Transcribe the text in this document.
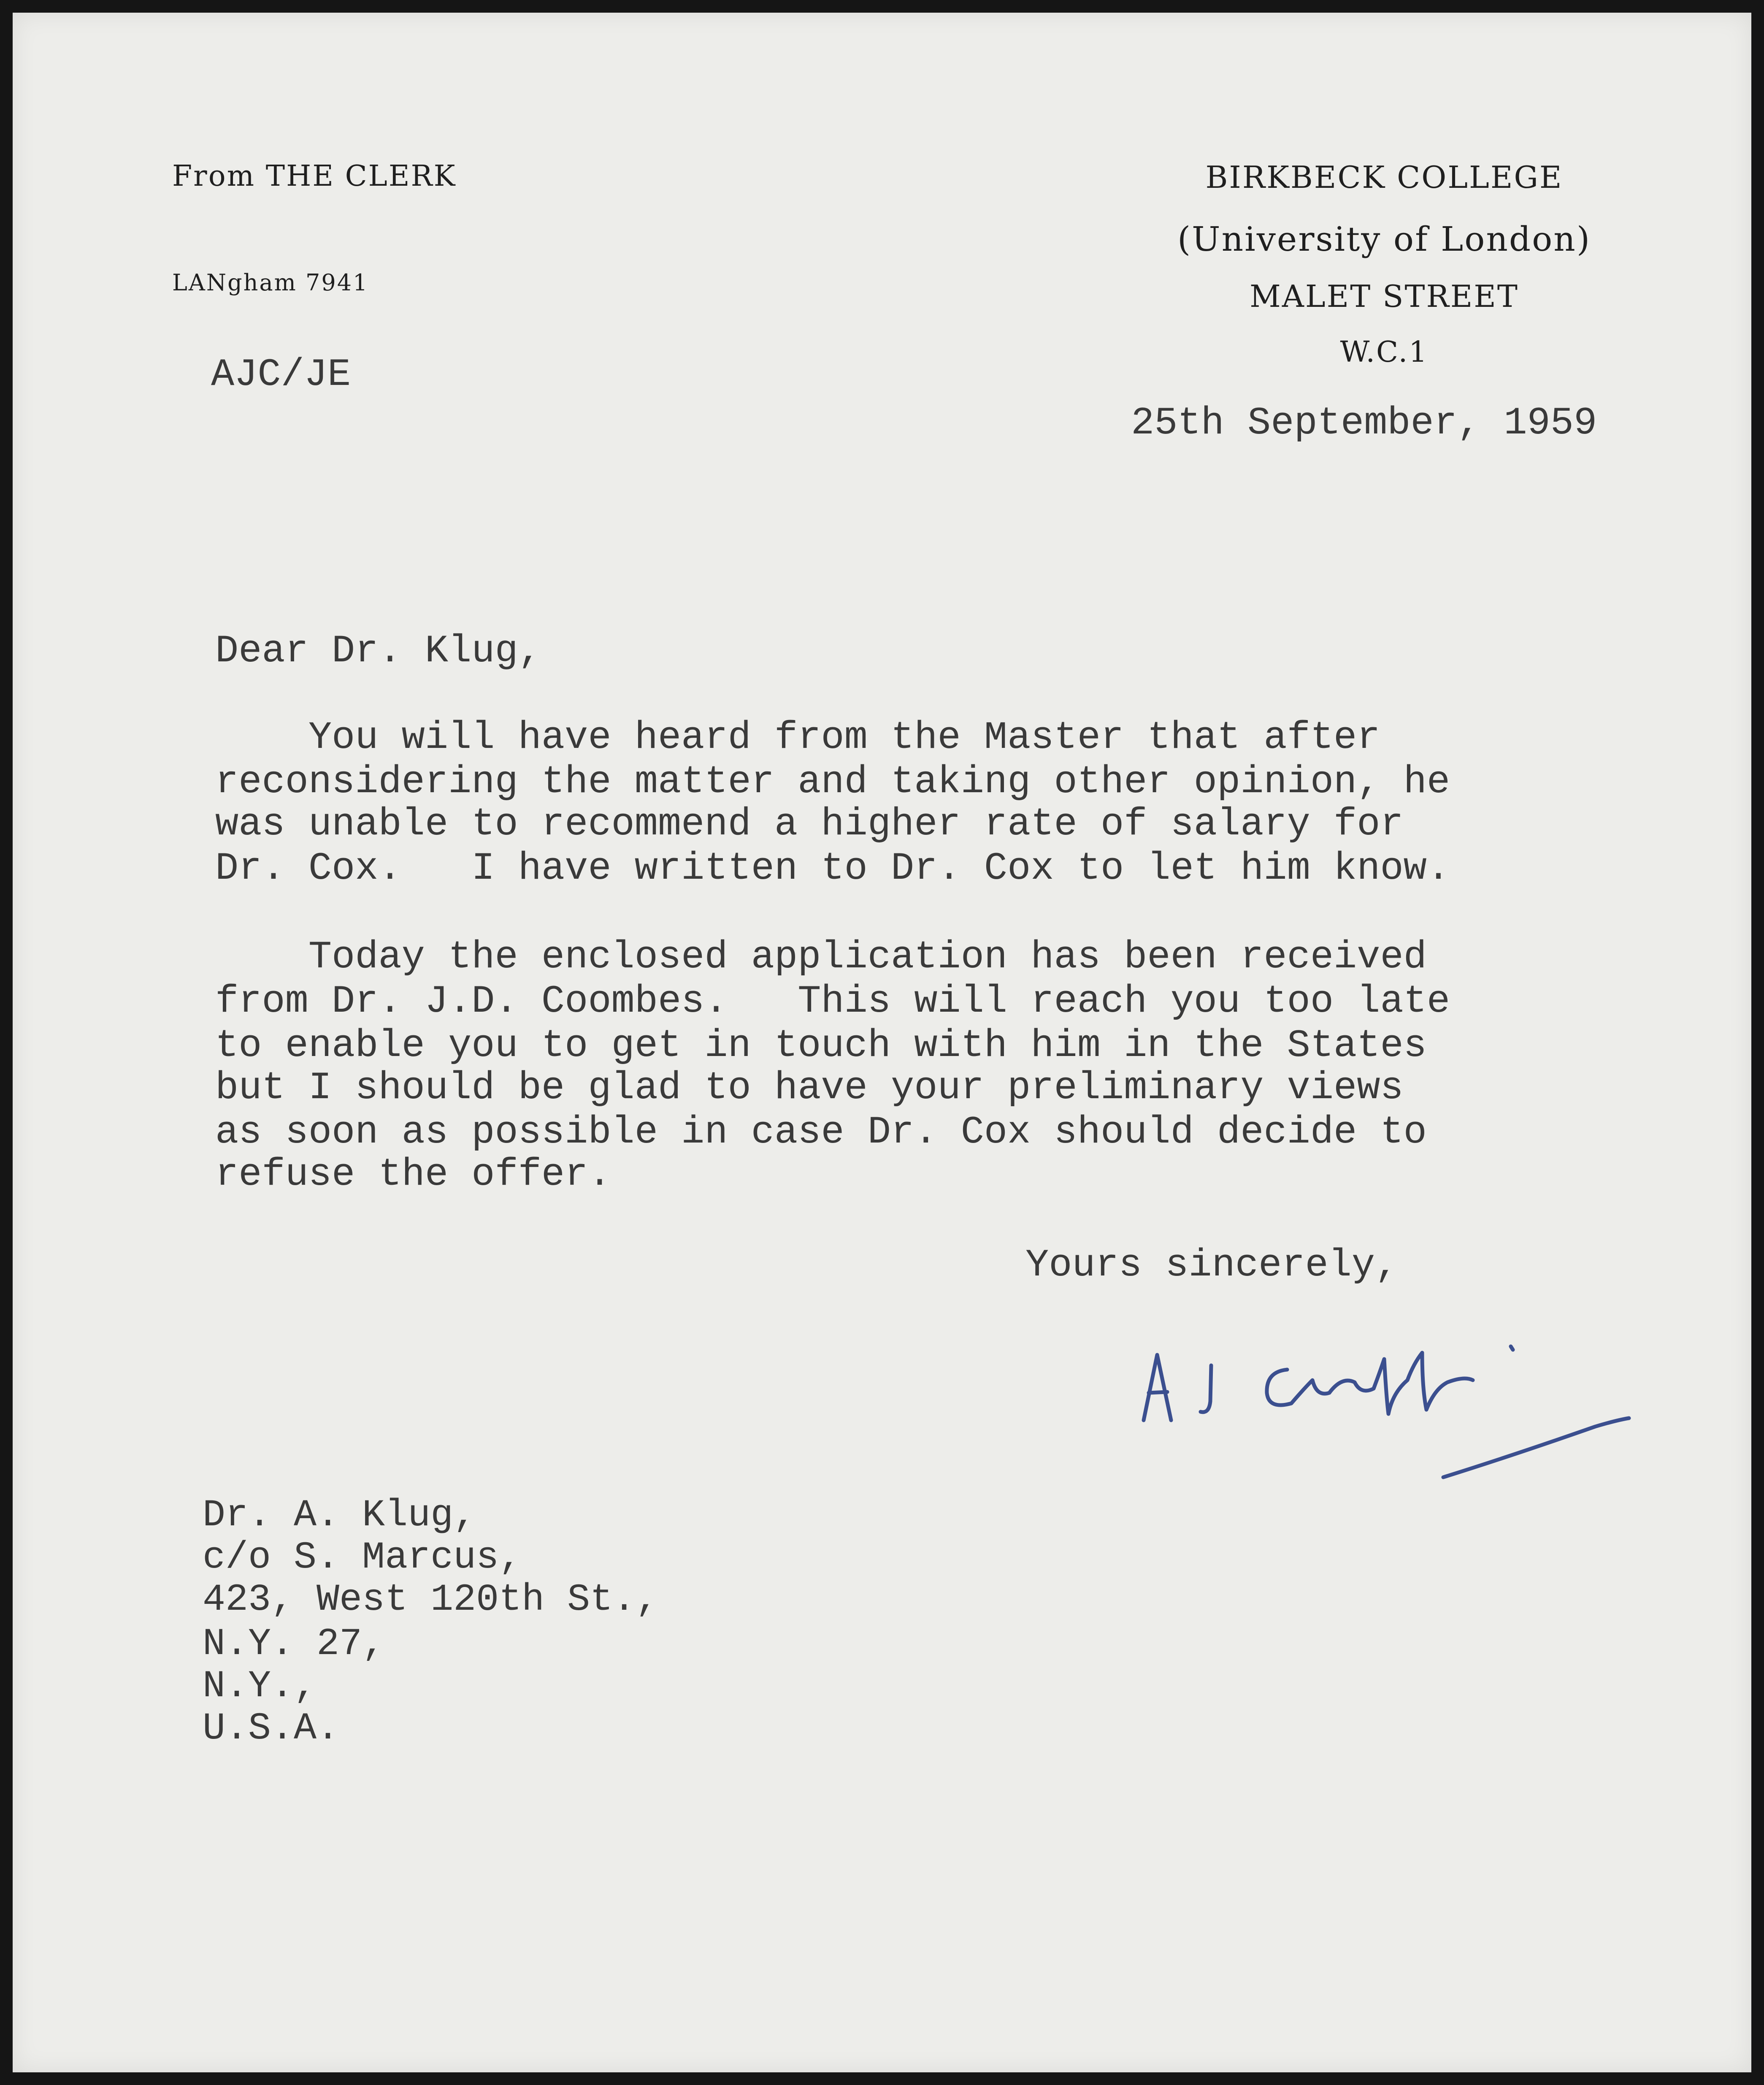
From THE CLERK
LANgham 7941
BIRKBECK COLLEGE
(University of London)
MALET STREET
W.C.1
AJC/JE
25th September, 1959
Dear Dr. Klug,
You will have heard from the Master that after
reconsidering the matter and taking other opinion, he
was unable to recommend a higher rate of salary for
Dr. Cox.   I have written to Dr. Cox to let him know.
Today the enclosed application has been received
from Dr. J.D. Coombes.   This will reach you too late
to enable you to get in touch with him in the States
but I should be glad to have your preliminary views
as soon as possible in case Dr. Cox should decide to
refuse the offer.
Yours sincerely,
Dr. A. Klug,
c/o S. Marcus,
423, West 120th St.,
N.Y. 27,
N.Y.,
U.S.A.
